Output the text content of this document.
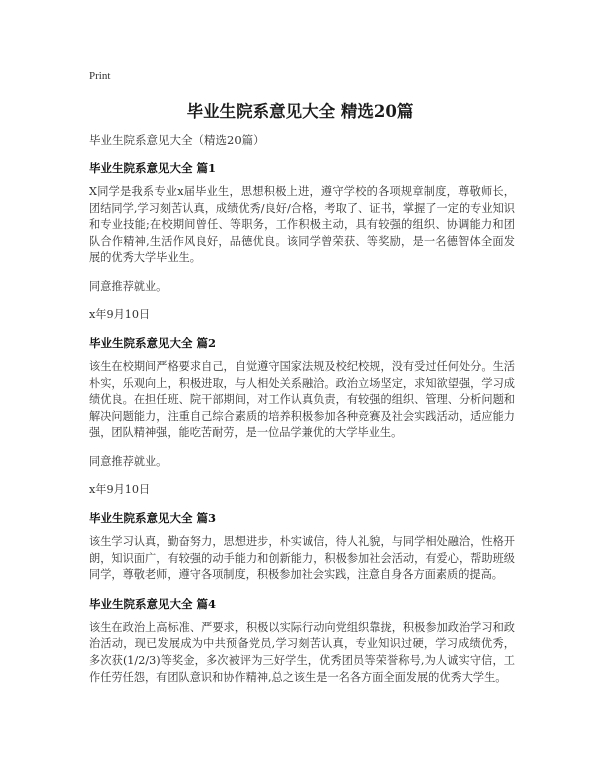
Print
毕业生院系意见大全 精选20篇

毕业生院系意见大全（精选20篇）

毕业生院系意见大全 篇1

X同学是我系专业x届毕业生，思想积极上进，遵守学校的各项规章制度，尊敬师长，团结同学,学习刻苦认真，成绩优秀/良好/合格，考取了、证书，掌握了一定的专业知识和专业技能;在校期间曾任、等职务，工作积极主动，具有较强的组织、协调能力和团队合作精神,生活作风良好，品德优良。该同学曾荣获、等奖励，是一名德智体全面发展的优秀大学毕业生。

同意推荐就业。

x年9月10日

毕业生院系意见大全 篇2

该生在校期间严格要求自己，自觉遵守国家法规及校纪校规，没有受过任何处分。生活朴实，乐观向上，积极进取，与人相处关系融洽。政治立场坚定，求知欲望强，学习成绩优良。在担任班、院干部期间，对工作认真负责，有较强的组织、管理、分析问题和解决问题能力，注重自己综合素质的培养积极参加各种竞赛及社会实践活动，适应能力强，团队精神强，能吃苦耐劳，是一位品学兼优的大学毕业生。

同意推荐就业。

x年9月10日

毕业生院系意见大全 篇3

该生学习认真，勤奋努力，思想进步，朴实诚信，待人礼貌，与同学相处融洽，性格开朗，知识面广，有较强的动手能力和创新能力，积极参加社会活动，有爱心，帮助班级同学，尊敬老师，遵守各项制度，积极参加社会实践，注意自身各方面素质的提高。

毕业生院系意见大全 篇4

该生在政治上高标准、严要求，积极以实际行动向党组织靠拢，积极参加政治学习和政治活动，现已发展成为中共预备党员,学习刻苦认真，专业知识过硬，学习成绩优秀，多次获(1/2/3)等奖金，多次被评为三好学生，优秀团员等荣誉称号,为人诚实守信，工作任劳任怨，有团队意识和协作精神,总之该生是一名各方面全面发展的优秀大学生。
